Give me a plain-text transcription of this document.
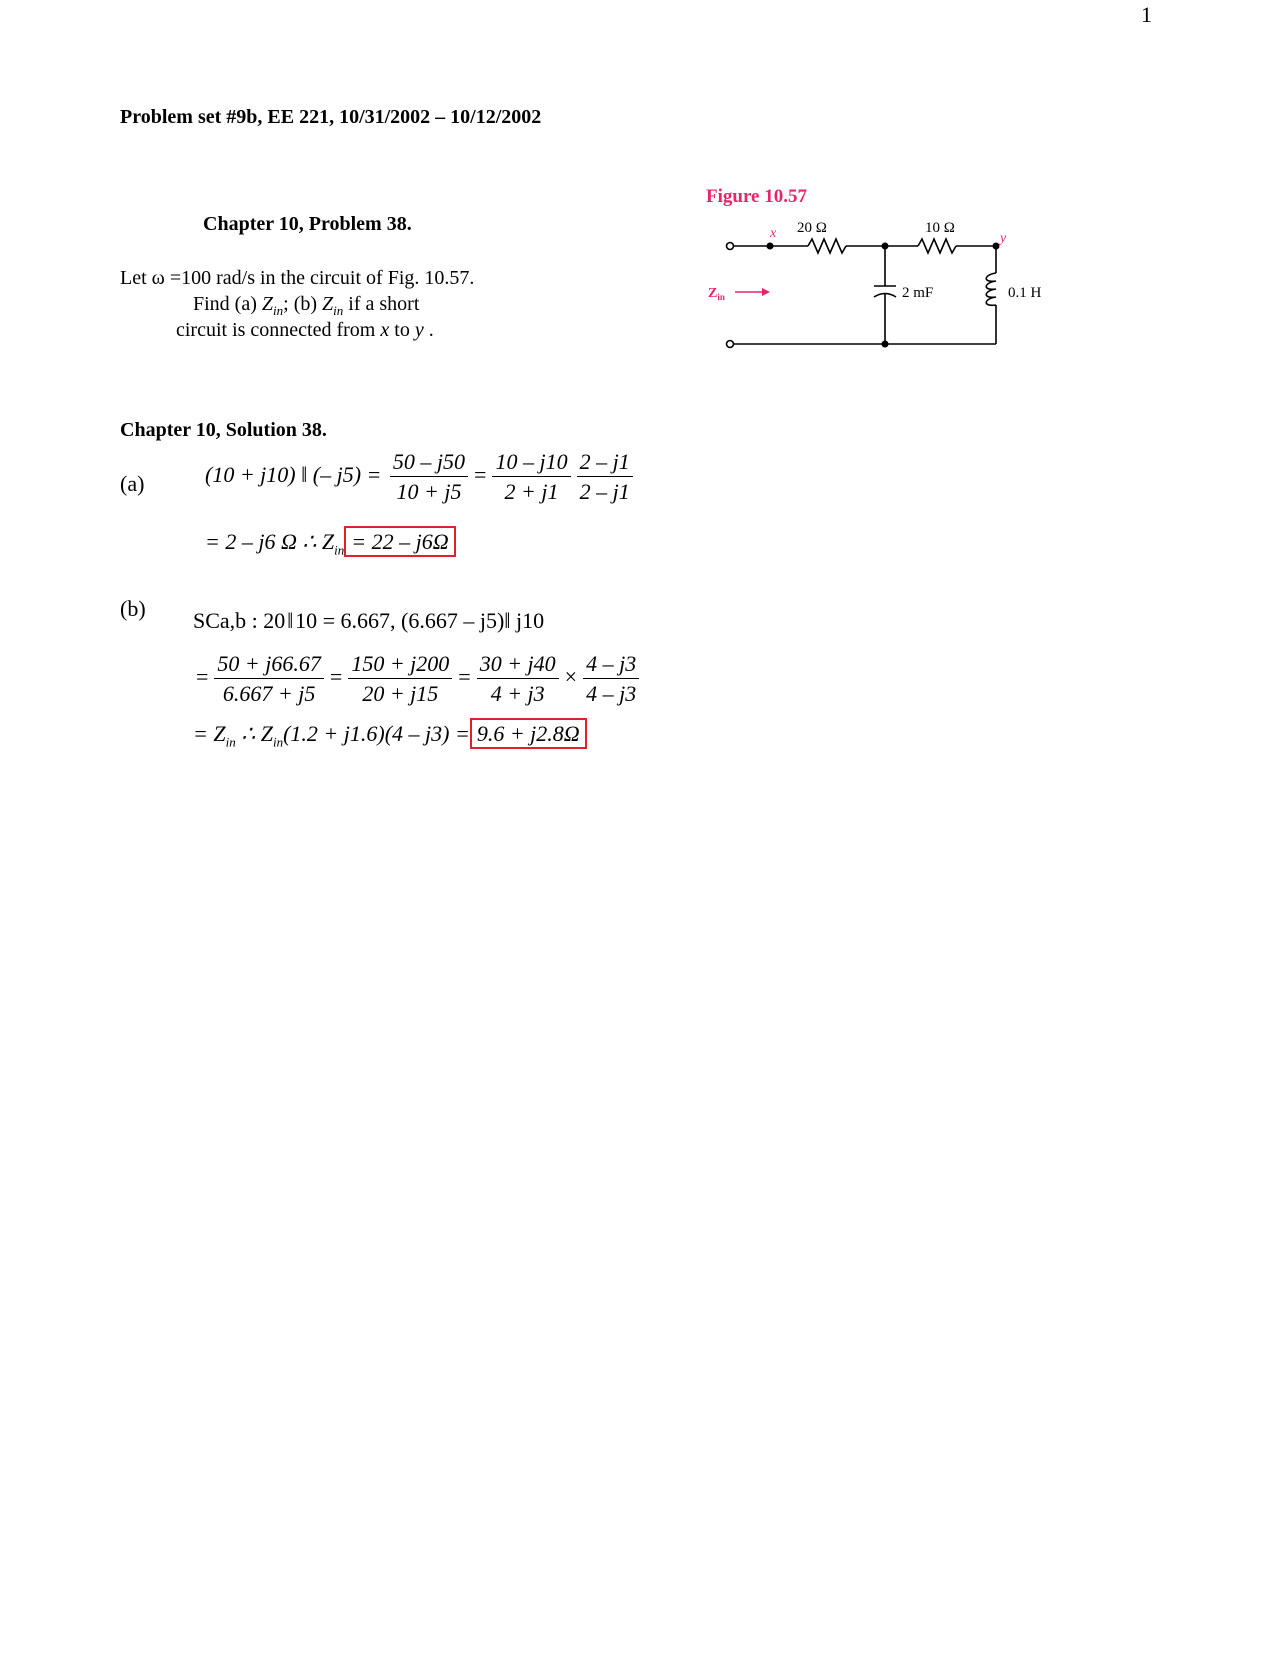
1
Problem set #9b, EE 221, 10/31/2002 – 10/12/2002
Chapter 10, Problem 38.
Let ω =100 rad/s in the circuit of Fig. 10.57.
Find (a) $Z_{in}$; (b) $Z_{in}$ if a short
circuit is connected from x to y .
Figure 10.57
20 Ω	10 Ω
x	y
2 mF	0.1 H
$Z_{in}$
Chapter 10, Solution 38.
(a)	(10 + j10) ‖ (– $j5) = \frac{50 - j50}{10 + j5} = \frac{10 - j10}{2 + j1} \frac{2 - j1}{2 - j1}$
= 2 – j6 Ω ∴ $Z_{in} = 22 - j6\Omega$
(b) SCa,b : 20 ‖ 10 = 6.667, (6.667 – j5)‖ j10
= $\frac{50 + j66.67}{6.667 + j5} = \frac{150 + j200}{20 + j15} = \frac{30 + j40}{4 + j3} \times \frac{4 - j3}{4 - j3}$
= $Z_{in}$ ∴ $Z_{in}(1.2 + j1.6)(4 - j3) = 9.6 + j2.8\Omega$
